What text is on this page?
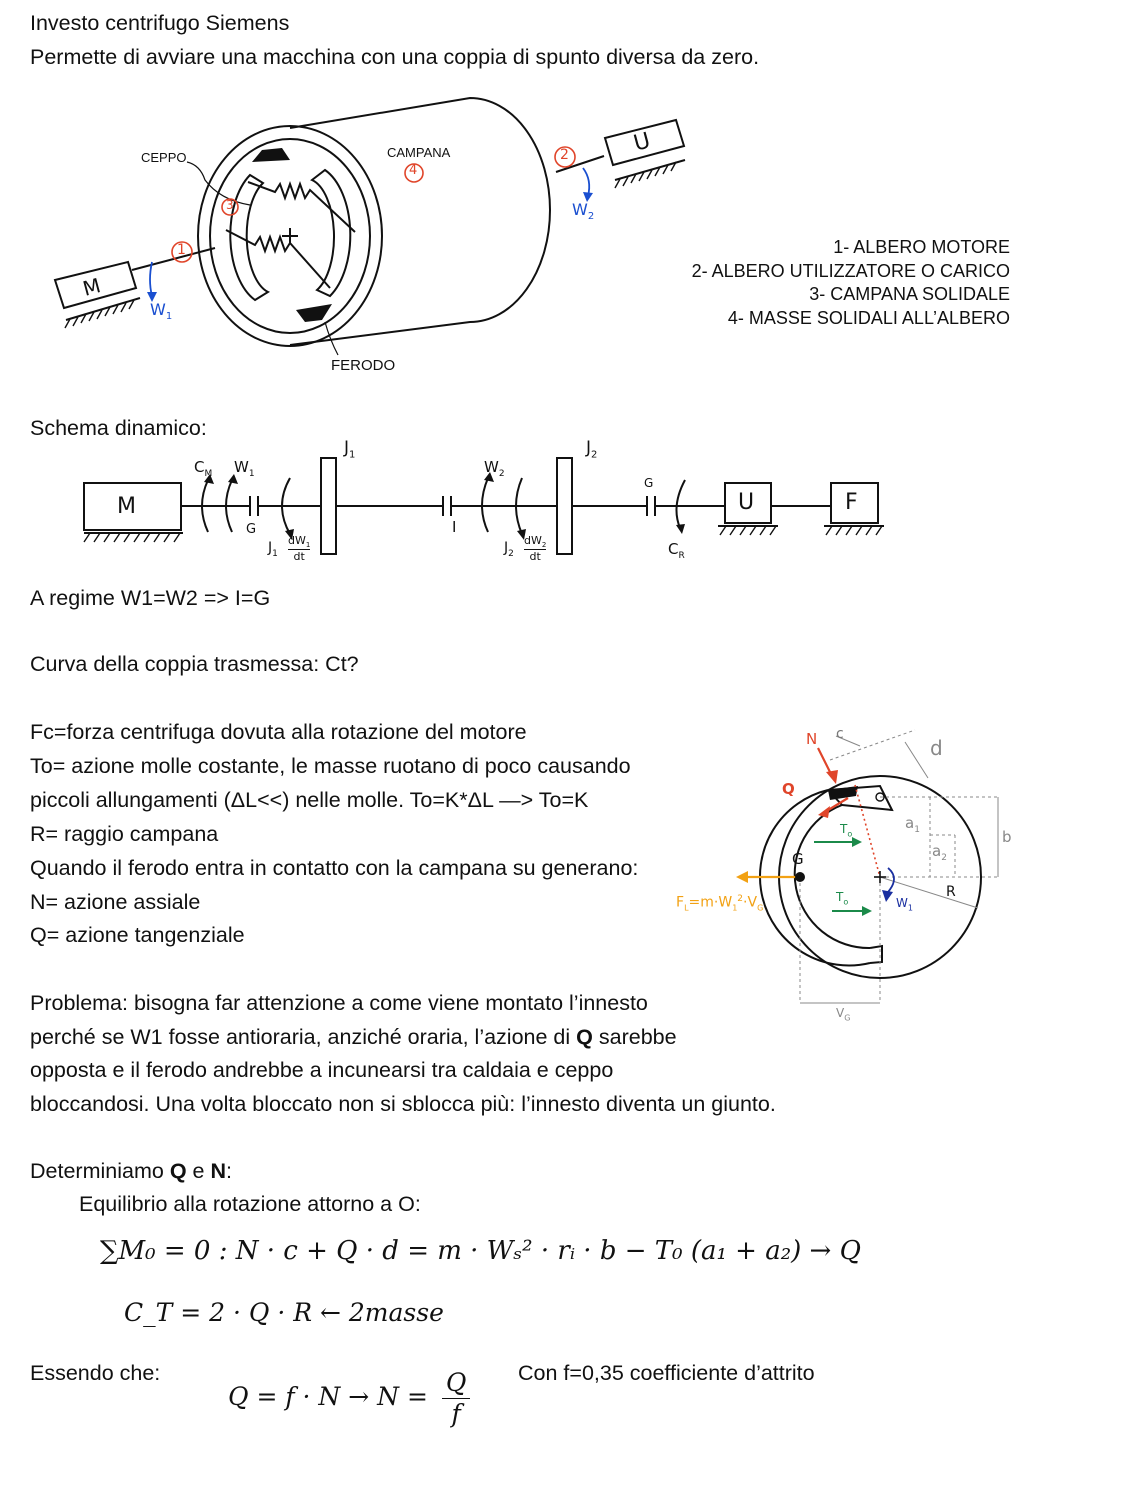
Investo centrifugo Siemens
Permette di avviare una macchina con una coppia di spunto diversa da zero.
CEPPO	CAMPANA
FERODO
1
2
3
4
M
U
$W_1$
$W_2$
1- ALBERO MOTORE
2- ALBERO UTILIZZATORE O CARICO
3- CAMPANA SOLIDALE
4- MASSE SOLIDALI ALL’ALBERO
Schema dinamico:
M	U	F
$C_M$ $W_1$
G
$J_1$
$J_1$
$dW_1$
dt
I
$W_2$
$J_2$
$J_2$
$dW_2$
dt
G
$C_R$
A regime W1=W2 => I=G
Curva della coppia trasmessa: Ct?
Fc=forza centrifuga dovuta alla rotazione del motore
To= azione molle costante, le masse ruotano di poco causando
piccoli allungamenti (ΔL<<) nelle molle. To=K*ΔL —> To=K
R= raggio campana
Quando il ferodo entra in contatto con la campana su generano:
N= azione assiale
Q= azione tangenziale
N c
d
Q
$a_1$
$a_2$
b
G
$T_o$
$T_o$
R
$W_1$
$F_L=m\cdot W_1^2\cdot V_G$
$V_G$
Problema: bisogna far attenzione a come viene montato l’innesto
perché se W1 fosse antioraria, anziché oraria, l’azione di Q sarebbe
opposta e il ferodo andrebbe a incunearsi tra caldaia e ceppo
bloccandosi. Una volta bloccato non si sblocca più: l’innesto diventa un giunto.
Determiniamo Q e N:
Equilibrio alla rotazione attorno a O:
∑M₀ = 0 : N · c + Q · d = m · Wₛ² · rᵢ · b − T₀ (a₁ + a₂) → Q
C_T = 2 · Q · R ← 2masse
Essendo che:	Con f=0,35 coefficiente d’attrito
$Q = f \cdot N \to N = \frac{Q}{f}$
